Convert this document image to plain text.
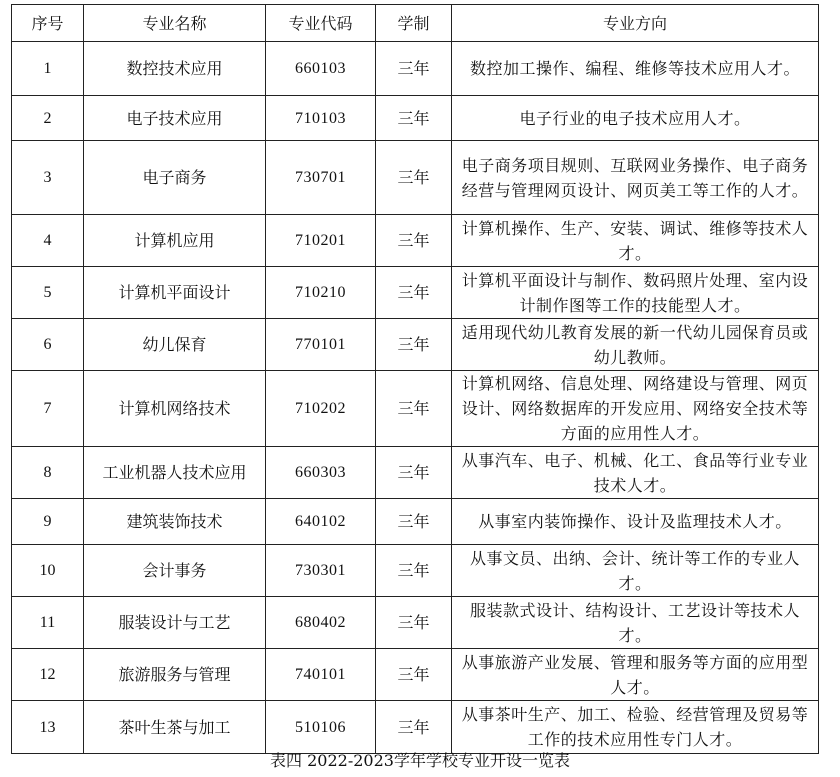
序号	专业名称	专业代码	学制	专业方向
1	数控技术应用	660103	三年	数控加工操作、编程、维修等技术应用人才。
2	电子技术应用	710103	三年	电子行业的电子技术应用人才。
3	电子商务	730701	三年	电子商务项目规则、互联网业务操作、电子商务经营与管理网页设计、网页美工等工作的人才。
4	计算机应用	710201	三年	计算机操作、生产、安装、调试、维修等技术人才。
5	计算机平面设计	710210	三年	计算机平面设计与制作、数码照片处理、室内设计制作图等工作的技能型人才。
6	幼儿保育	770101	三年	适用现代幼儿教育发展的新一代幼儿园保育员或幼儿教师。
7	计算机网络技术	710202	三年	计算机网络、信息处理、网络建设与管理、网页设计、网络数据库的开发应用、网络安全技术等方面的应用性人才。
8	工业机器人技术应用	660303	三年	从事汽车、电子、机械、化工、食品等行业专业技术人才。
9	建筑装饰技术	640102	三年	从事室内装饰操作、设计及监理技术人才。
10	会计事务	730301	三年	从事文员、出纳、会计、统计等工作的专业人才。
11	服装设计与工艺	680402	三年	服装款式设计、结构设计、工艺设计等技术人才。
12	旅游服务与管理	740101	三年	从事旅游产业发展、管理和服务等方面的应用型人才。
13	茶叶生茶与加工	510106	三年	从事茶叶生产、加工、检验、经营管理及贸易等工作的技术应用性专门人才。
表四 2022-2023学年学校专业开设一览表
